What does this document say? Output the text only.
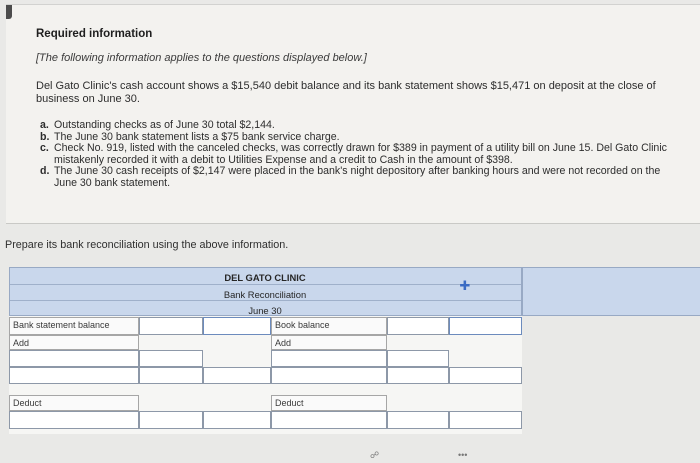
Required information
[The following information applies to the questions displayed below.]
Del Gato Clinic's cash account shows a $15,540 debit balance and its bank statement shows $15,471 on deposit at the close of business on June 30.
a. Outstanding checks as of June 30 total $2,144.
b. The June 30 bank statement lists a $75 bank service charge.
c. Check No. 919, listed with the canceled checks, was correctly drawn for $389 in payment of a utility bill on June 15. Del Gato Clinic mistakenly recorded it with a debit to Utilities Expense and a credit to Cash in the amount of $398.
d. The June 30 cash receipts of $2,147 were placed in the bank's night depository after banking hours and were not recorded on the June 30 bank statement.
Prepare its bank reconciliation using the above information.
DEL GATO CLINIC
Bank Reconciliation
June 30
Bank statement balance
Add
Deduct
Book balance
Add
Deduct
✚
☍	•••
